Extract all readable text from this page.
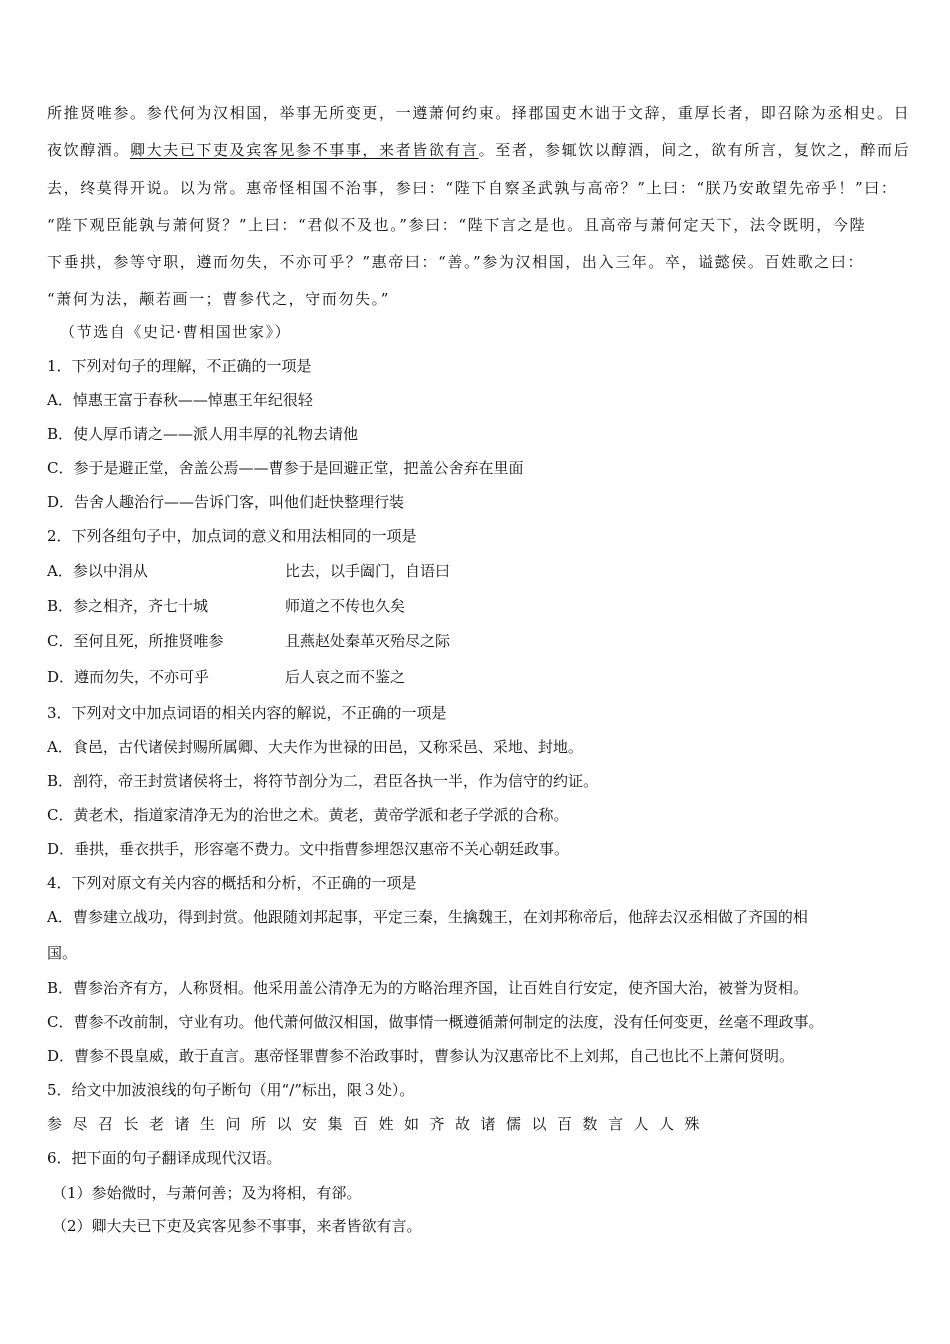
所推贤唯参。参代何为汉相国，举事无所变更，一遵萧何约束。择郡国吏木诎于文辞，重厚长者，即召除为丞相史。日
夜饮醇酒。卿大夫已下吏及宾客见参不事事，来者皆欲有言。至者，参辄饮以醇酒，间之，欲有所言，复饮之，醉而后
去，终莫得开说。以为常。惠帝怪相国不治事，参曰：“陛下自察圣武孰与高帝？”上曰：“朕乃安敢望先帝乎！”曰：
“陛下观臣能孰与萧何贤？”上曰：“君似不及也。”参曰：“陛下言之是也。且高帝与萧何定天下，法令既明，今陛
下垂拱，参等守职，遵而勿失，不亦可乎？”惠帝曰：“善。”参为汉相国，出入三年。卒，谥懿侯。百姓歌之曰：
“萧何为法，颟若画一；曹参代之，守而勿失。”
（节选自《史记·曹相国世家》）
1．下列对句子的理解，不正确的一项是
A．悼惠王富于春秋——悼惠王年纪很轻
B．使人厚币请之——派人用丰厚的礼物去请他
C．参于是避正堂，舍盖公焉——曹参于是回避正堂，把盖公舍弃在里面
D．告舍人趣治行——告诉门客，叫他们赶快整理行装
2．下列各组句子中，加点词的意义和用法相同的一项是
A．参以中涓从	比去，以手阖门，自语曰
B．参之相齐，齐七十城	师道之不传也久矣
C．至何且死，所推贤唯参	且燕赵处秦革灭殆尽之际
D．遵而勿失，不亦可乎	后人哀之而不鉴之
3．下列对文中加点词语的相关内容的解说，不正确的一项是
A．食邑，古代诸侯封赐所属卿、大夫作为世禄的田邑，又称采邑、采地、封地。
B．剖符，帝王封赏诸侯将士，将符节剖分为二，君臣各执一半，作为信守的约证。
C．黄老术，指道家清净无为的治世之术。黄老，黄帝学派和老子学派的合称。
D．垂拱，垂衣拱手，形容毫不费力。文中指曹参埋怨汉惠帝不关心朝廷政事。
4．下列对原文有关内容的概括和分析，不正确的一项是
A．曹参建立战功，得到封赏。他跟随刘邦起事，平定三秦，生擒魏王，在刘邦称帝后，他辞去汉丞相做了齐国的相
国。
B．曹参治齐有方，人称贤相。他采用盖公清净无为的方略治理齐国，让百姓自行安定，使齐国大治，被誉为贤相。
C．曹参不改前制，守业有功。他代萧何做汉相国，做事情一概遵循萧何制定的法度，没有任何变更，丝毫不理政事。
D．曹参不畏皇威，敢于直言。惠帝怪罪曹参不治政事时，曹参认为汉惠帝比不上刘邦，自己也比不上萧何贤明。
5．给文中加波浪线的句子断句（用“/”标出，限３处）。
参 尽 召 长 老 诸 生 问 所 以 安 集 百 姓 如 齐 故 诸 儒 以 百 数 言 人 人 殊
6．把下面的句子翻译成现代汉语。
（1）参始微时，与萧何善；及为将相，有郤。
（2）卿大夫已下吏及宾客见参不事事，来者皆欲有言。
